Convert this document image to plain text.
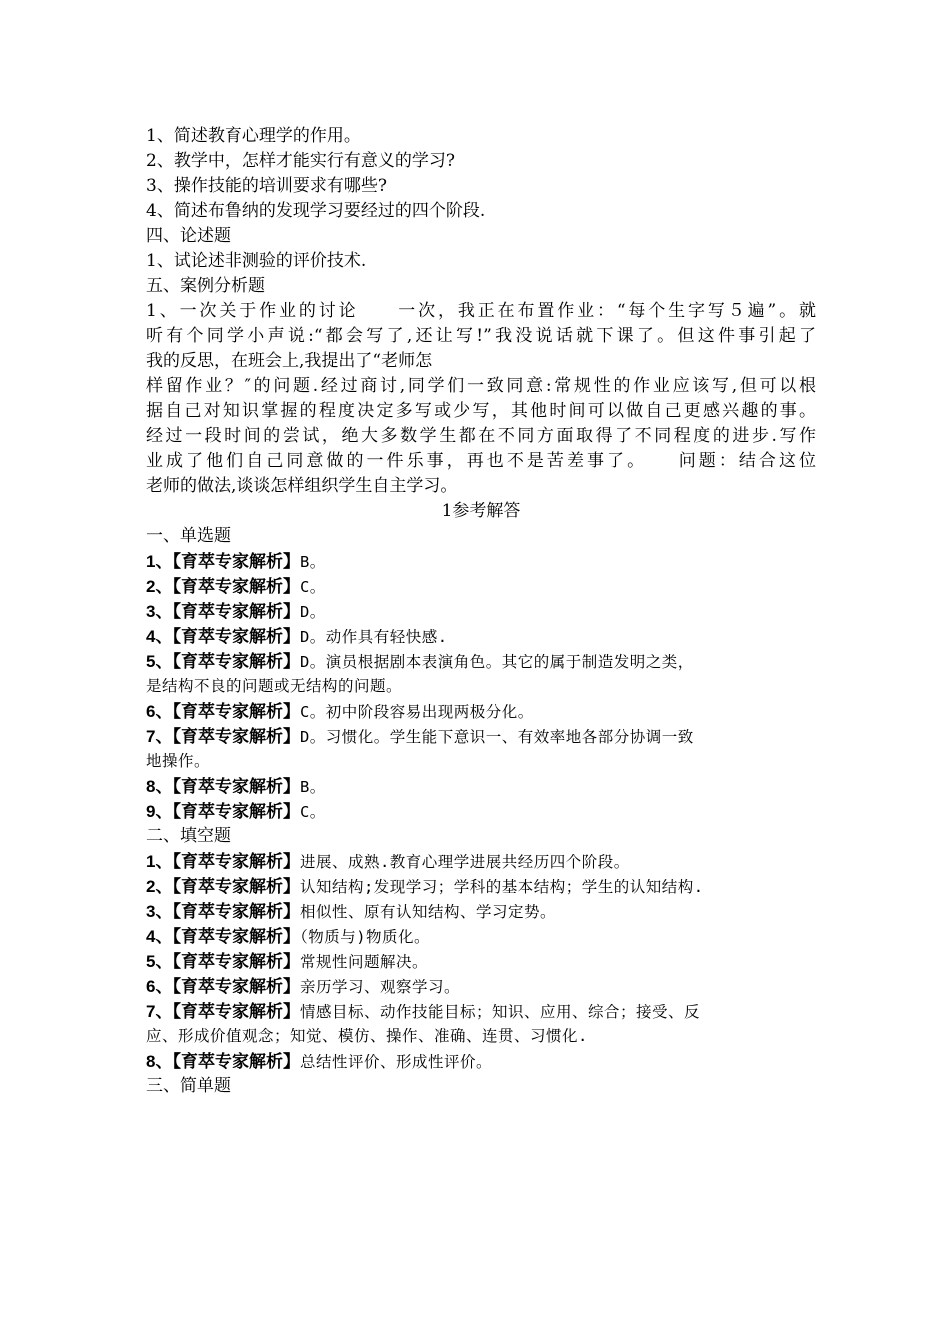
1、简述教育心理学的作用。
2、教学中，怎样才能实行有意义的学习?
3、操作技能的培训要求有哪些?
4、简述布鲁纳的发现学习要经过的四个阶段.
四、论述题
1、试论述非测验的评价技术.
五、案例分析题
1、一次关于作业的讨论　　一次，我正在布置作业：“每个生字写５遍”。就
听有个同学小声说:“都会写了,还让写!”我没说话就下课了。但这件事引起了
我的反思，在班会上,我提出了“老师怎
样留作业？″的问题.经过商讨,同学们一致同意:常规性的作业应该写,但可以根
据自己对知识掌握的程度决定多写或少写，其他时间可以做自己更感兴趣的事。
经过一段时间的尝试，绝大多数学生都在不同方面取得了不同程度的进步.写作
业成了他们自己同意做的一件乐事，再也不是苦差事了。　　问题：结合这位
老师的做法,谈谈怎样组织学生自主学习。
1参考解答
一、单选题
1、【育萃专家解析】B。
2、【育萃专家解析】C。
3、【育萃专家解析】D。
4、【育萃专家解析】D。动作具有轻快感.
5、【育萃专家解析】D。演员根据剧本表演角色。其它的属于制造发明之类，
是结构不良的问题或无结构的问题。
6、【育萃专家解析】C。初中阶段容易出现两极分化。
7、【育萃专家解析】D。习惯化。学生能下意识一、有效率地各部分协调一致
地操作。
8、【育萃专家解析】B。
9、【育萃专家解析】C。
二、填空题
1、【育萃专家解析】进展、成熟.教育心理学进展共经历四个阶段。
2、【育萃专家解析】认知结构;发现学习；学科的基本结构；学生的认知结构.
3、【育萃专家解析】相似性、原有认知结构、学习定势。
4、【育萃专家解析】（物质与)物质化。
5、【育萃专家解析】常规性问题解决。
6、【育萃专家解析】亲历学习、观察学习。
7、【育萃专家解析】情感目标、动作技能目标；知识、应用、综合；接受、反
应、形成价值观念；知觉、模仿、操作、准确、连贯、习惯化.
8、【育萃专家解析】总结性评价、形成性评价。
三、简单题
